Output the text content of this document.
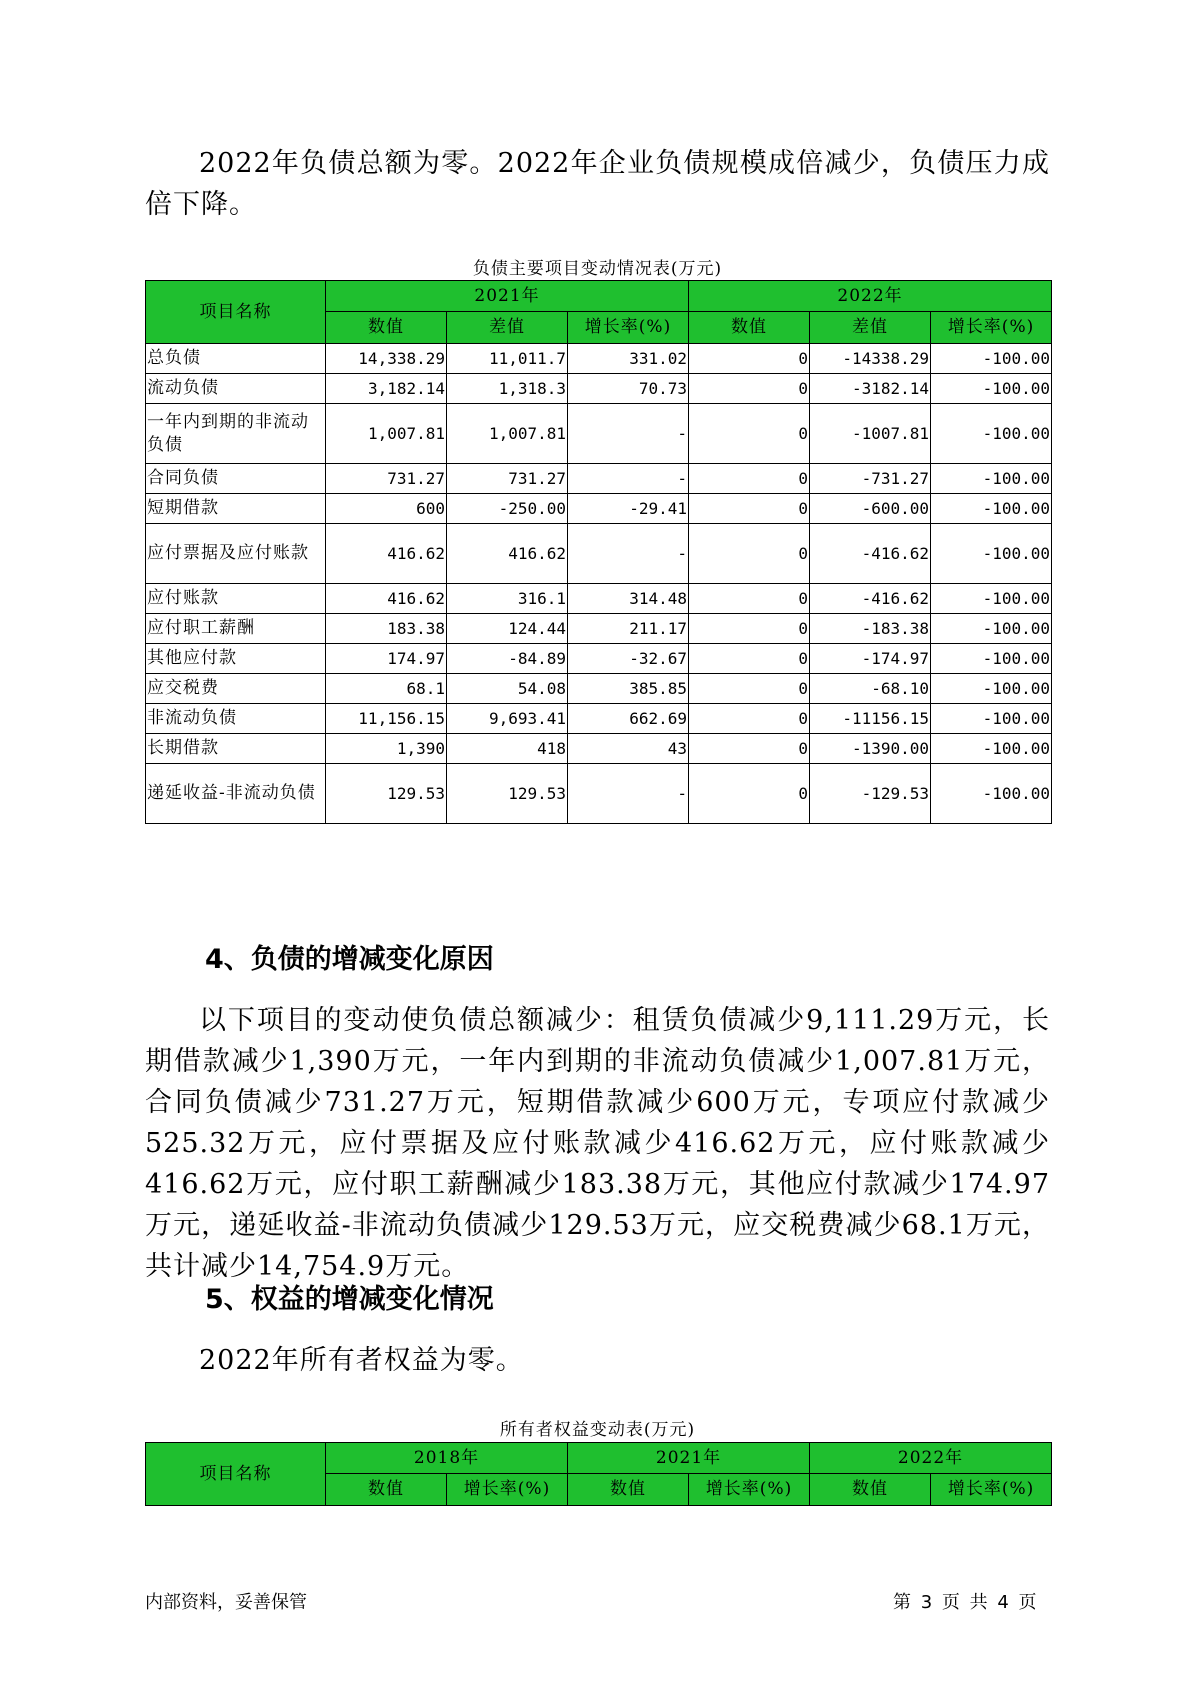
2022年负债总额为零。2022年企业负债规模成倍减少，负债压力成倍下降。

负债主要项目变动情况表(万元)

项目名称	2021年			2022年		
	数值	差值	增长率(%)	数值	差值	增长率(%)
总负债	14,338.29	11,011.7	331.02	0	-14338.29	-100.00
流动负债	3,182.14	1,318.3	70.73	0	-3182.14	-100.00
一年内到期的非流动负债	1,007.81	1,007.81	-	0	-1007.81	-100.00
合同负债	731.27	731.27	-	0	-731.27	-100.00
短期借款	600	-250.00	-29.41	0	-600.00	-100.00
应付票据及应付账款	416.62	416.62	-	0	-416.62	-100.00
应付账款	416.62	316.1	314.48	0	-416.62	-100.00
应付职工薪酬	183.38	124.44	211.17	0	-183.38	-100.00
其他应付款	174.97	-84.89	-32.67	0	-174.97	-100.00
应交税费	68.1	54.08	385.85	0	-68.10	-100.00
非流动负债	11,156.15	9,693.41	662.69	0	-11156.15	-100.00
长期借款	1,390	418	43	0	-1390.00	-100.00
递延收益-非流动负债	129.53	129.53	-	0	-129.53	-100.00

4、负债的增减变化原因

以下项目的变动使负债总额减少：租赁负债减少9,111.29万元，长期借款减少1,390万元，一年内到期的非流动负债减少1,007.81万元，合同负债减少731.27万元，短期借款减少600万元，专项应付款减少525.32万元，应付票据及应付账款减少416.62万元，应付账款减少416.62万元，应付职工薪酬减少183.38万元，其他应付款减少174.97万元，递延收益-非流动负债减少129.53万元，应交税费减少68.1万元，共计减少14,754.9万元。

5、权益的增减变化情况

2022年所有者权益为零。

所有者权益变动表(万元)

项目名称	2018年		2021年		2022年	
	数值	增长率(%)	数值	增长率(%)	数值	增长率(%)
内部资料，妥善保管	第 3 页 共 4 页
